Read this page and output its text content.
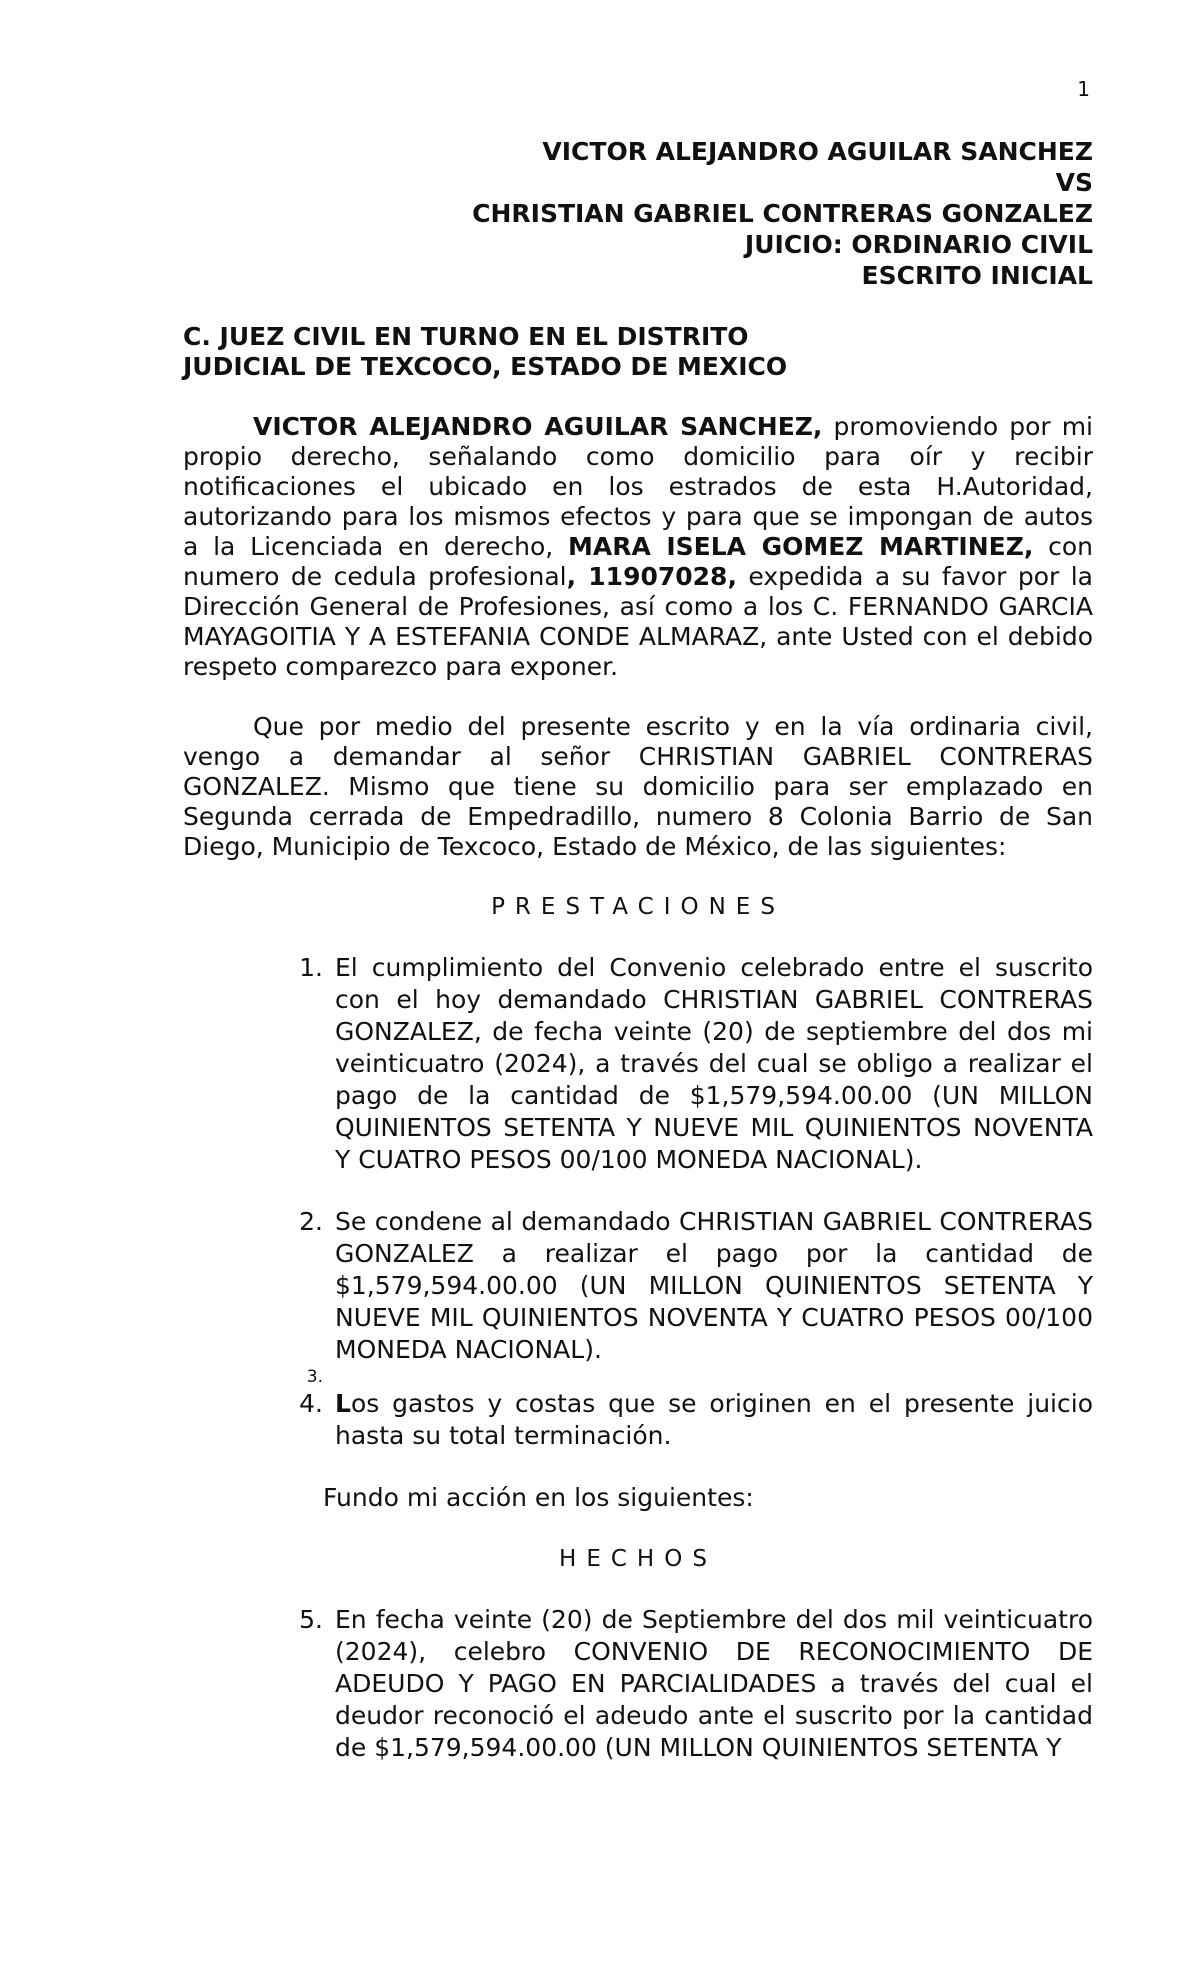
1
VICTOR ALEJANDRO AGUILAR SANCHEZ
VS
CHRISTIAN GABRIEL CONTRERAS GONZALEZ
JUICIO: ORDINARIO CIVIL
ESCRITO INICIAL
C. JUEZ CIVIL EN TURNO EN EL DISTRITO
JUDICIAL DE TEXCOCO, ESTADO DE MEXICO

VICTOR ALEJANDRO AGUILAR SANCHEZ, promoviendo por mi propio derecho, señalando como domicilio para oír y recibir notificaciones el ubicado en los estrados de esta H.Autoridad, autorizando para los mismos efectos y para que se impongan de autos a la Licenciada en derecho, MARA ISELA GOMEZ MARTINEZ, con numero de cedula profesional, 11907028, expedida a su favor por la Dirección General de Profesiones, así como a los C. FERNANDO GARCIA MAYAGOITIA Y A ESTEFANIA CONDE ALMARAZ, ante Usted con el debido respeto comparezco para exponer.

Que por medio del presente escrito y en la vía ordinaria civil, vengo a demandar al señor CHRISTIAN GABRIEL CONTRERAS GONZALEZ. Mismo que tiene su domicilio para ser emplazado en Segunda cerrada de Empedradillo, numero 8 Colonia Barrio de San Diego, Municipio de Texcoco, Estado de México, de las siguientes:

PRESTACIONES

1. El cumplimiento del Convenio celebrado entre el suscrito con el hoy demandado CHRISTIAN GABRIEL CONTRERAS GONZALEZ, de fecha veinte (20) de septiembre del dos mi veinticuatro (2024), a través del cual se obligo a realizar el pago de la cantidad de $1,579,594.00.00 (UN MILLON QUINIENTOS SETENTA Y NUEVE MIL QUINIENTOS NOVENTA Y CUATRO PESOS 00/100 MONEDA NACIONAL).
2. Se condene al demandado CHRISTIAN GABRIEL CONTRERAS GONZALEZ a realizar el pago por la cantidad de $1,579,594.00.00 (UN MILLON QUINIENTOS SETENTA Y NUEVE MIL QUINIENTOS NOVENTA Y CUATRO PESOS 00/100 MONEDA NACIONAL).
3.
4. Los gastos y costas que se originen en el presente juicio hasta su total terminación.
Fundo mi acción en los siguientes:

HECHOS

5. En fecha veinte (20) de Septiembre del dos mil veinticuatro (2024), celebro CONVENIO DE RECONOCIMIENTO DE ADEUDO Y PAGO EN PARCIALIDADES a través del cual el deudor reconoció el adeudo ante el suscrito por la cantidad de $1,579,594.00.00 (UN MILLON QUINIENTOS SETENTA Y
